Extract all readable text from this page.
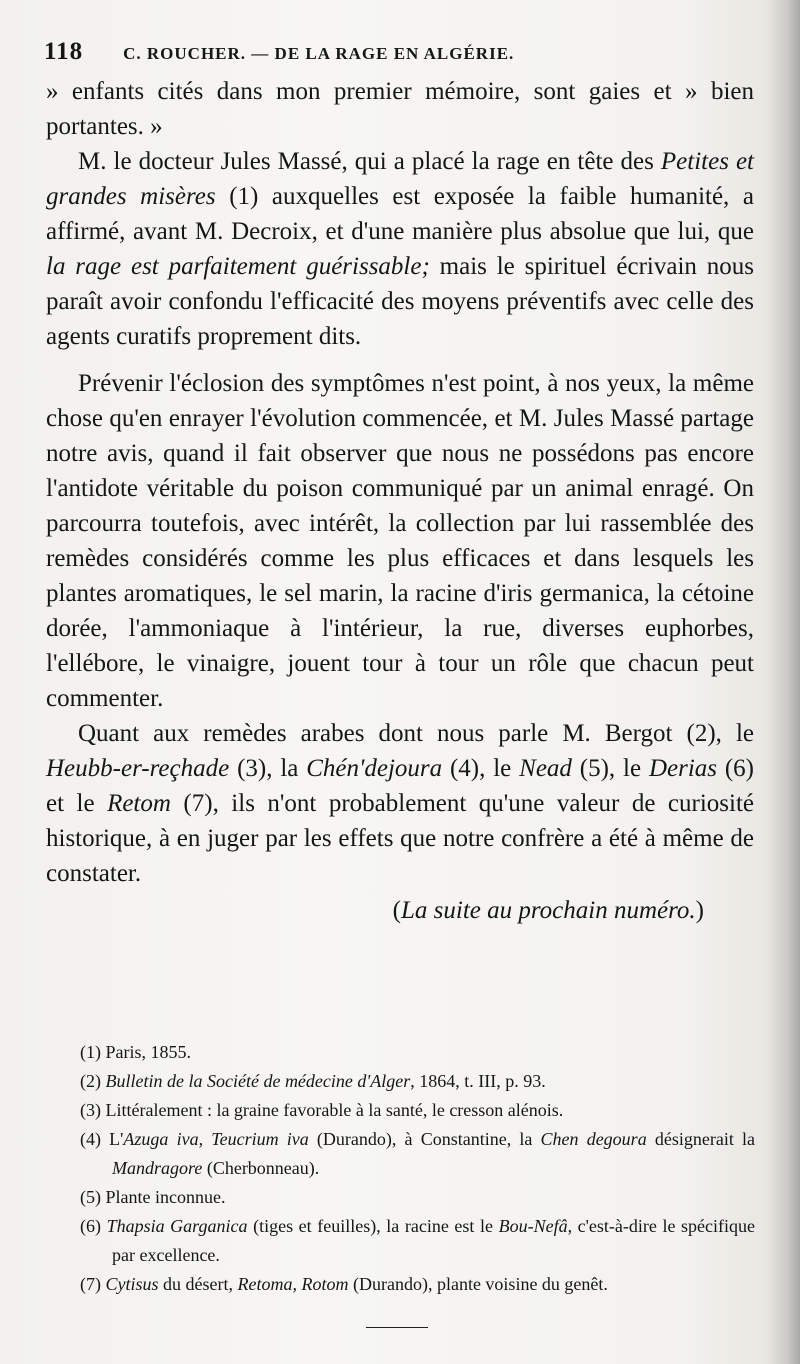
118 C. ROUCHER. — DE LA RAGE EN ALGÉRIE.

» enfants cités dans mon premier mémoire, sont gaies et » bien portantes. »

M. le docteur Jules Massé, qui a placé la rage en tête des Petites et grandes misères (1) auxquelles est exposée la faible humanité, a affirmé, avant M. Decroix, et d'une manière plus absolue que lui, que la rage est parfaitement guérissable; mais le spirituel écrivain nous paraît avoir confondu l'efficacité des moyens préventifs avec celle des agents curatifs proprement dits.

Prévenir l'éclosion des symptômes n'est point, à nos yeux, la même chose qu'en enrayer l'évolution commencée, et M. Jules Massé partage notre avis, quand il fait observer que nous ne possédons pas encore l'antidote véritable du poison communiqué par un animal enragé. On parcourra toutefois, avec intérêt, la collection par lui rassemblée des remèdes considérés comme les plus efficaces et dans lesquels les plantes aromatiques, le sel marin, la racine d'iris germanica, la cétoine dorée, l'ammoniaque à l'intérieur, la rue, diverses euphorbes, l'ellébore, le vinaigre, jouent tour à tour un rôle que chacun peut commenter.

Quant aux remèdes arabes dont nous parle M. Bergot (2), le Heubb-er-reçhade (3), la Chén'dejoura (4), le Nead (5), le Derias (6) et le Retom (7), ils n'ont probablement qu'une valeur de curiosité historique, à en juger par les effets que notre confrère a été à même de constater.

(La suite au prochain numéro.)

(1) Paris, 1855.

(2) Bulletin de la Société de médecine d'Alger, 1864, t. III, p. 93.

(3) Littéralement : la graine favorable à la santé, le cresson alénois.

(4) L'Azuga iva, Teucrium iva (Durando), à Constantine, la Chen degoura désignerait la Mandragore (Cherbonneau).

(5) Plante inconnue.

(6) Thapsia Garganica (tiges et feuilles), la racine est le Bou-Nefâ, c'est-à-dire le spécifique par excellence.

(7) Cytisus du désert, Retoma, Rotom (Durando), plante voisine du genêt.
